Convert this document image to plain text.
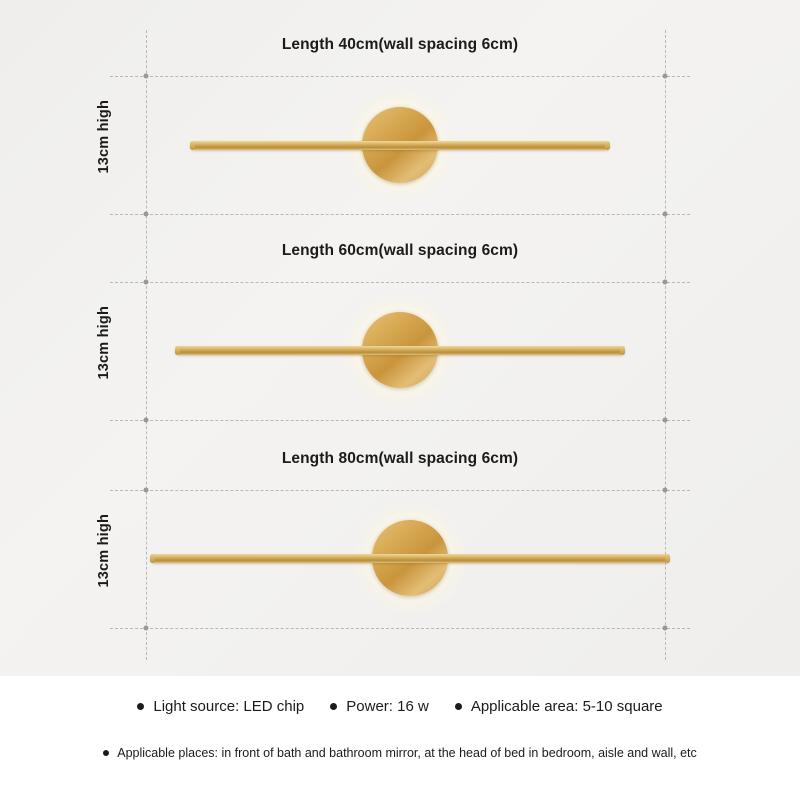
Length 40cm(wall spacing 6cm)
13cm high
Length 60cm(wall spacing 6cm)
13cm high
Length 80cm(wall spacing 6cm)
13cm high
Light source: LED chip	Power: 16 w	Applicable area: 5-10 square
Applicable places: in front of bath and bathroom mirror, at the head of bed in bedroom, aisle and wall, etc
